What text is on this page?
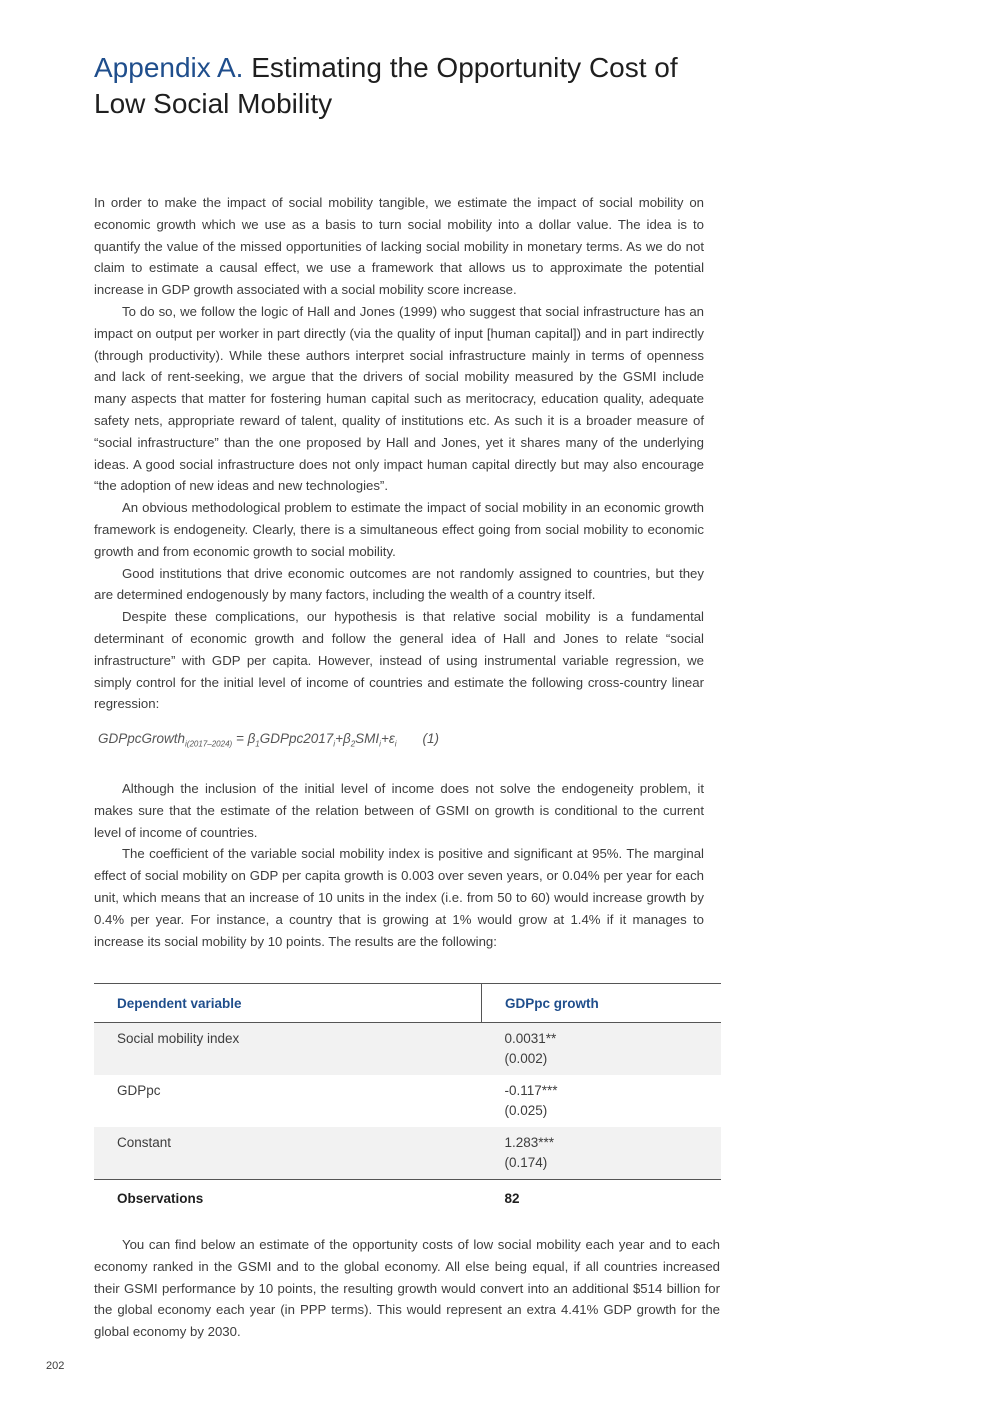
Appendix A. Estimating the Opportunity Cost of Low Social Mobility

In order to make the impact of social mobility tangible, we estimate the impact of social mobility on economic growth which we use as a basis to turn social mobility into a dollar value. The idea is to quantify the value of the missed opportunities of lacking social mobility in monetary terms. As we do not claim to estimate a causal effect, we use a framework that allows us to approximate the potential increase in GDP growth associated with a social mobility score increase.

To do so, we follow the logic of Hall and Jones (1999) who suggest that social infrastructure has an impact on output per worker in part directly (via the quality of input [human capital]) and in part indirectly (through productivity). While these authors interpret social infrastructure mainly in terms of openness and lack of rent-seeking, we argue that the drivers of social mobility measured by the GSMI include many aspects that matter for fostering human capital such as meritocracy, education quality, adequate safety nets, appropriate reward of talent, quality of institutions etc. As such it is a broader measure of “social infrastructure” than the one proposed by Hall and Jones, yet it shares many of the underlying ideas. A good social infrastructure does not only impact human capital directly but may also encourage “the adoption of new ideas and new technologies”.

An obvious methodological problem to estimate the impact of social mobility in an economic growth framework is endogeneity. Clearly, there is a simultaneous effect going from social mobility to economic growth and from economic growth to social mobility.

Good institutions that drive economic outcomes are not randomly assigned to countries, but they are determined endogenously by many factors, including the wealth of a country itself.

Despite these complications, our hypothesis is that relative social mobility is a fundamental determinant of economic growth and follow the general idea of Hall and Jones to relate “social infrastructure” with GDP per capita. However, instead of using instrumental variable regression, we simply control for the initial level of income of countries and estimate the following cross-country linear regression:

GDPpcGrowth$_{i(2017-2024)}$ = $\beta_1GDPpc2017_i+\beta_2SMI_i+\varepsilon_i$ (1)

Although the inclusion of the initial level of income does not solve the endogeneity problem, it makes sure that the estimate of the relation between of GSMI on growth is conditional to the current level of income of countries.

The coefficient of the variable social mobility index is positive and significant at 95%. The marginal effect of social mobility on GDP per capita growth is 0.003 over seven years, or 0.04% per year for each unit, which means that an increase of 10 units in the index (i.e. from 50 to 60) would increase growth by 0.4% per year. For instance, a country that is growing at 1% would grow at 1.4% if it manages to increase its social mobility by 10 points. The results are the following:

Dependent variable	GDPpc growth
Social mobility index	0.0031**
(0.002)

GDPpc	-0.117***
(0.025)

Constant	1.283***
(0.174)

Observations	82

You can find below an estimate of the opportunity costs of low social mobility each year and to each economy ranked in the GSMI and to the global economy. All else being equal, if all countries increased their GSMI performance by 10 points, the resulting growth would convert into an additional $514 billion for the global economy each year (in PPP terms). This would represent an extra 4.41% GDP growth for the global economy by 2030.

202
